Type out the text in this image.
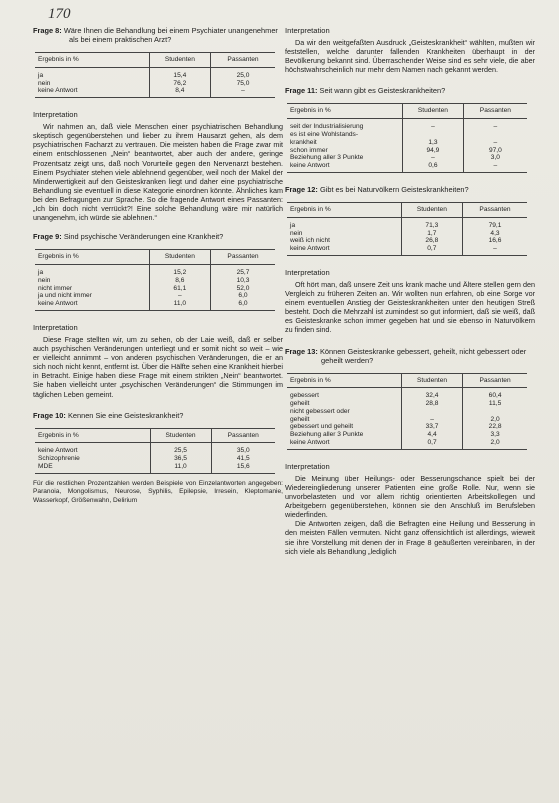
170

Frage 8: Wäre Ihnen die Behandlung bei einem Psychiater unangenehmer als bei einem praktischen Arzt?

Ergebnis in %	Studenten	Passanten
ja	15,4	25,0
nein	76,2	75,0
keine Antwort	8,4	–
Interpretation

Wir nahmen an, daß viele Menschen einer psychiatrischen Behandlung skeptisch gegenüberstehen und lieber zu ihrem Hausarzt gehen, als dem psychiatrischen Facharzt zu vertrauen. Die meisten haben die Frage zwar mit einem entschlossenen „Nein“ beantwortet, aber auch der andere, geringe Prozentsatz zeigt uns, daß noch Vorurteile gegen den Nervenarzt bestehen. Einem Psychiater stehen viele ablehnend gegenüber, weil noch der Makel der Minderwertigkeit auf den Geisteskranken liegt und daher eine psychiatrische Behandlung sie eventuell in diese Kategorie einordnen könnte. Ähnliches kam bei den Befragungen zur Sprache. So die fragende Antwort eines Passanten: „Ich bin doch nicht verrückt?! Eine solche Behandlung wäre mir natürlich unangenehm, ich würde sie ablehnen.“

Frage 9: Sind psychische Veränderungen eine Krankheit?

Ergebnis in %	Studenten	Passanten
ja	15,2	25,7
nein	8,6	10,3
nicht immer	61,1	52,0
ja und nicht immer	–	6,0
keine Antwort	11,0	6,0
Interpretation

Diese Frage stellten wir, um zu sehen, ob der Laie weiß, daß er selber auch psychischen Veränderungen unterliegt und er somit nicht so weit – wie er vielleicht annimmt – von anderen psychischen Veränderungen, die er an sich noch nicht kennt, entfernt ist. Über die Hälfte sehen eine Krankheit hierbei in Betracht. Einige haben diese Frage mit einem strikten „Nein“ beantwortet. Sie haben vielleicht unter „psychischen Veränderungen“ die Stimmungen im täglichen Leben gemeint.

Frage 10: Kennen Sie eine Geisteskrankheit?

Ergebnis in %	Studenten	Passanten
keine Antwort	25,5	35,0
Schizophrenie	36,5	41,5
MDE	11,0	15,6

Für die restlichen Prozentzahlen werden Beispiele von Einzelantworten angegeben: Paranoia, Mongolismus, Neurose, Syphilis, Epilepsie, Irresein, Kleptomanie, Wasserkopf, Größenwahn, Delirium

Interpretation

Da wir den weitgefaßten Ausdruck „Geisteskrankheit“ wählten, mußten wir feststellen, welche darunter fallenden Krankheiten überhaupt in der Bevölkerung bekannt sind. Überraschender Weise sind es sehr viele, die aber höchstwahrscheinlich nur mehr dem Namen nach gekannt werden.

Frage 11: Seit wann gibt es Geisteskrankheiten?

Ergebnis in %	Studenten	Passanten
seit der Industrialisierung	–	–
es ist eine Wohlstands-		
krankheit	1,3	–
schon immer	94,9	97,0
Beziehung aller 3 Punkte	–	3,0
keine Antwort	0,6	–

Frage 12: Gibt es bei Naturvölkern Geisteskrankheiten?

Ergebnis in %	Studenten	Passanten
ja	71,3	79,1
nein	1,7	4,3
weiß ich nicht	26,8	16,6
keine Antwort	0,7	–
Interpretation

Oft hört man, daß unsere Zeit uns krank mache und Ältere stellen gern den Vergleich zu früheren Zeiten an. Wir wollten nun erfahren, ob eine Sorge vor einem eventuellen Anstieg der Geisteskrankheiten unter den heutigen Streß besteht. Doch die Mehrzahl ist zumindest so gut informiert, daß sie weiß, daß es Geisteskranke schon immer gegeben hat und sie ebenso in Naturvölkern zu finden sind.

Frage 13: Können Geisteskranke gebessert, geheilt, nicht gebessert oder geheilt werden?

Ergebnis in %	Studenten	Passanten
gebessert	32,4	60,4
geheilt	28,8	11,5
nicht gebessert oder		
geheilt	–	2,0
gebessert und geheilt	33,7	22,8
Beziehung aller 3 Punkte	4,4	3,3
keine Antwort	0,7	2,0
Interpretation

Die Meinung über Heilungs- oder Besserungschance spielt bei der Wiedereingliederung unserer Patienten eine große Rolle. Nur, wenn sie unvorbelasteten und vor allem richtig orientierten Arbeitskollegen und Arbeitgebern gegenüberstehen, können sie den Anschluß im Berufsleben wiederfinden.

Die Antworten zeigen, daß die Befragten eine Heilung und Besserung in den meisten Fällen vermuten. Nicht ganz offensichtlich ist allerdings, wieweit sie ihre Vorstellung mit denen der in Frage 8 geäußerten vereinbaren, in der sich viele als Behandlung „lediglich
